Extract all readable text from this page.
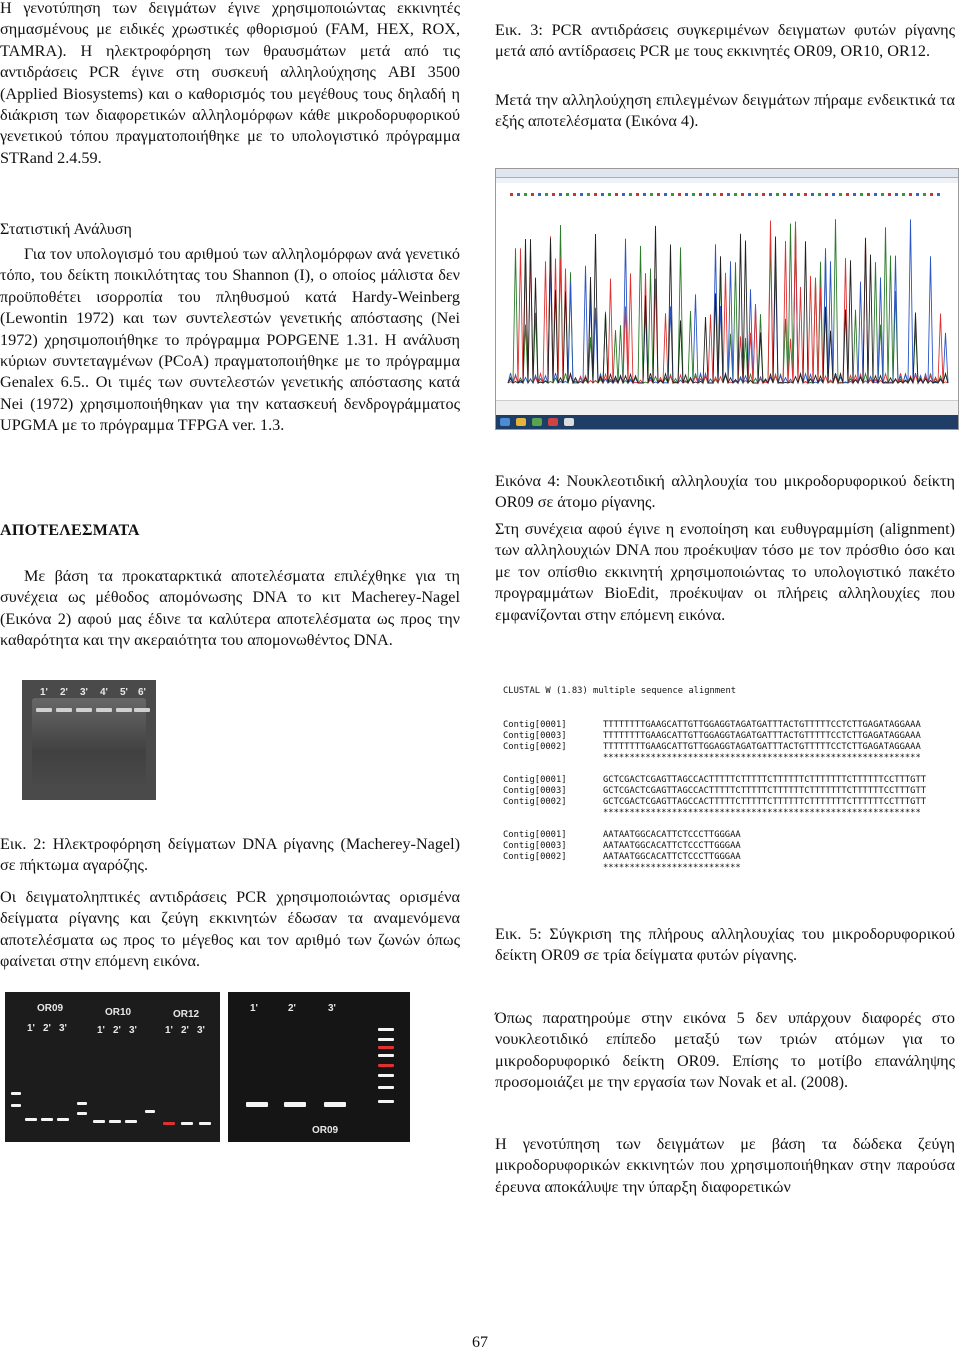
Η γενοτύπηση των δειγμάτων έγινε χρησιμοποιώντας εκκινητές σημασμένους με ειδικές χρωστικές φθορισμού (FAM, HEX, ROX, TAMRA). Η ηλεκτροφόρηση των θραυσμάτων μετά από τις αντιδράσεις PCR έγινε στη συσκευή αλληλούχησης ABI 3500 (Applied Biosystems) και ο καθορισμός του μεγέθους τους δηλαδή η διάκριση των διαφορετικών αλληλομόρφων κάθε μικροδορυφορικού γενετικού τόπου πραγματοποιήθηκε με το υπολογιστικό πρόγραμμα STRand 2.4.59.

Στατιστική Ανάλυση

Για τον υπολογισμό του αριθμού των αλληλομόρφων ανά γενετικό τόπο, του δείκτη ποικιλότητας του Shannon (I), ο οποίος μάλιστα δεν προϋποθέτει ισορροπία του πληθυσμού κατά Hardy-Weinberg (Lewontin 1972) και των συντελεστών γενετικής απόστασης (Nei 1972) χρησιμοποιήθηκε το πρόγραμμα POPGENE 1.31. Η ανάλυση κύριων συντεταγμένων (PCoA) πραγματοποιήθηκε με το πρόγραμμα Genalex 6.5.. Οι τιμές των συντελεστών γενετικής απόστασης κατά Nei (1972) χρησιμοποιήθηκαν για την κατασκευή δενδρογράμματος UPGMA με το πρόγραμμα TFPGA ver. 1.3.

ΑΠΟΤΕΛΕΣΜΑΤΑ

Με βάση τα προκαταρκτικά αποτελέσματα επιλέχθηκε για τη συνέχεια ως μέθοδος απομόνωσης DNA το κιτ Macherey-Nagel (Εικόνα 2) αφού μας έδινε τα καλύτερα αποτελέσματα ως προς την καθαρότητα και την ακεραιότητα του απομονωθέντος DNA.

1' 2' 3' 4' 5' 6'

Εικ. 2: Ηλεκτροφόρηση δείγματων DNA ρίγανης (Macherey-Nagel) σε πήκτωμα αγαρόζης.

Οι δειγματοληπτικές αντιδράσεις PCR χρησιμοποιώντας ορισμένα δείγματα ρίγανης και ζεύγη εκκινητών έδωσαν τα αναμενόμενα αποτελέσματα ως προς το μέγεθος και τον αριθμό των ζωνών όπως φαίνεται στην επόμενη εικόνα.

OR09	OR10	OR12
1' 2' 3'	1' 2' 3'	1' 2' 3'
1'	2'	3'
OR09

Εικ. 3: PCR αντιδράσεις συγκεριμένων δειγματων φυτών ρίγανης μετά από αντίδρασεις PCR με τους εκκινητές OR09, OR10, OR12.

Μετά την αλληλούχηση επιλεγμένων δειγμάτων πήραμε ενδεικτικά τα εξής αποτελέσματα (Εικόνα 4).

Εικόνα 4: Νουκλεοτιδική αλληλουχία του μικροδορυφορικού δείκτη OR09 σε άτομο ρίγανης.

Στη συνέχεια αφού έγινε η ενοποίηση και ευθυγραμμίση (alignment) των αλληλουχιών DNA που προέκυψαν τόσο με τον πρόσθιο όσο και με τον οπίσθιο εκκινητή χρησιμοποιώντας το υπολογιστικό πακέτο προγραμμάτων BioEdit, προέκυψαν οι πλήρεις αλληλουχίες που εμφανίζονται στην επόμενη εικόνα.

CLUSTAL W (1.83) multiple sequence alignment
Contig[0001]	TTTTTTTTGAAGCATTGTTGGAGGTAGATGATTTACTGTTTTTCCTCTTGAGATAGGAAA
Contig[0003]	TTTTTTTTGAAGCATTGTTGGAGGTAGATGATTTACTGTTTTTCCTCTTGAGATAGGAAA
Contig[0002]	TTTTTTTTGAAGCATTGTTGGAGGTAGATGATTTACTGTTTTTCCTCTTGAGATAGGAAA
************************************************************
Contig[0001]	GCTCGACTCGAGTTAGCCACTTTTTCTTTTTCTTTTTTCTTTTTTTCTTTTTTCCTTTGTT
Contig[0003]	GCTCGACTCGAGTTAGCCACTTTTTCTTTTTCTTTTTTCTTTTTTTCTTTTTTCCTTTGTT
Contig[0002]	GCTCGACTCGAGTTAGCCACTTTTTCTTTTTCTTTTTTCTTTTTTTCTTTTTTCCTTTGTT
************************************************************
Contig[0001]	AATAATGGCACATTCTCCCTTGGGAA
Contig[0003]	AATAATGGCACATTCTCCCTTGGGAA
Contig[0002]	AATAATGGCACATTCTCCCTTGGGAA
**************************

Εικ. 5: Σύγκριση της πλήρους αλληλουχίας του μικροδορυφορικού δείκτη OR09 σε τρία δείγματα φυτών ρίγανης.

Όπως παρατηρούμε στην εικόνα 5 δεν υπάρχουν διαφορές στο νουκλεοτιδικό επίπεδο μεταξύ των τριών ατόμων για το μικροδορυφορικό δείκτη OR09. Επίσης το μοτίβο επανάληψης προσομοιάζει με την εργασία των Novak et al. (2008).

Η γενοτύπηση των δειγμάτων με βάση τα δώδεκα ζεύγη μικροδορυφορικών εκκινητών που χρησιμοποιήθηκαν στην παρούσα έρευνα αποκάλυψε την ύπαρξη διαφορετικών

67
